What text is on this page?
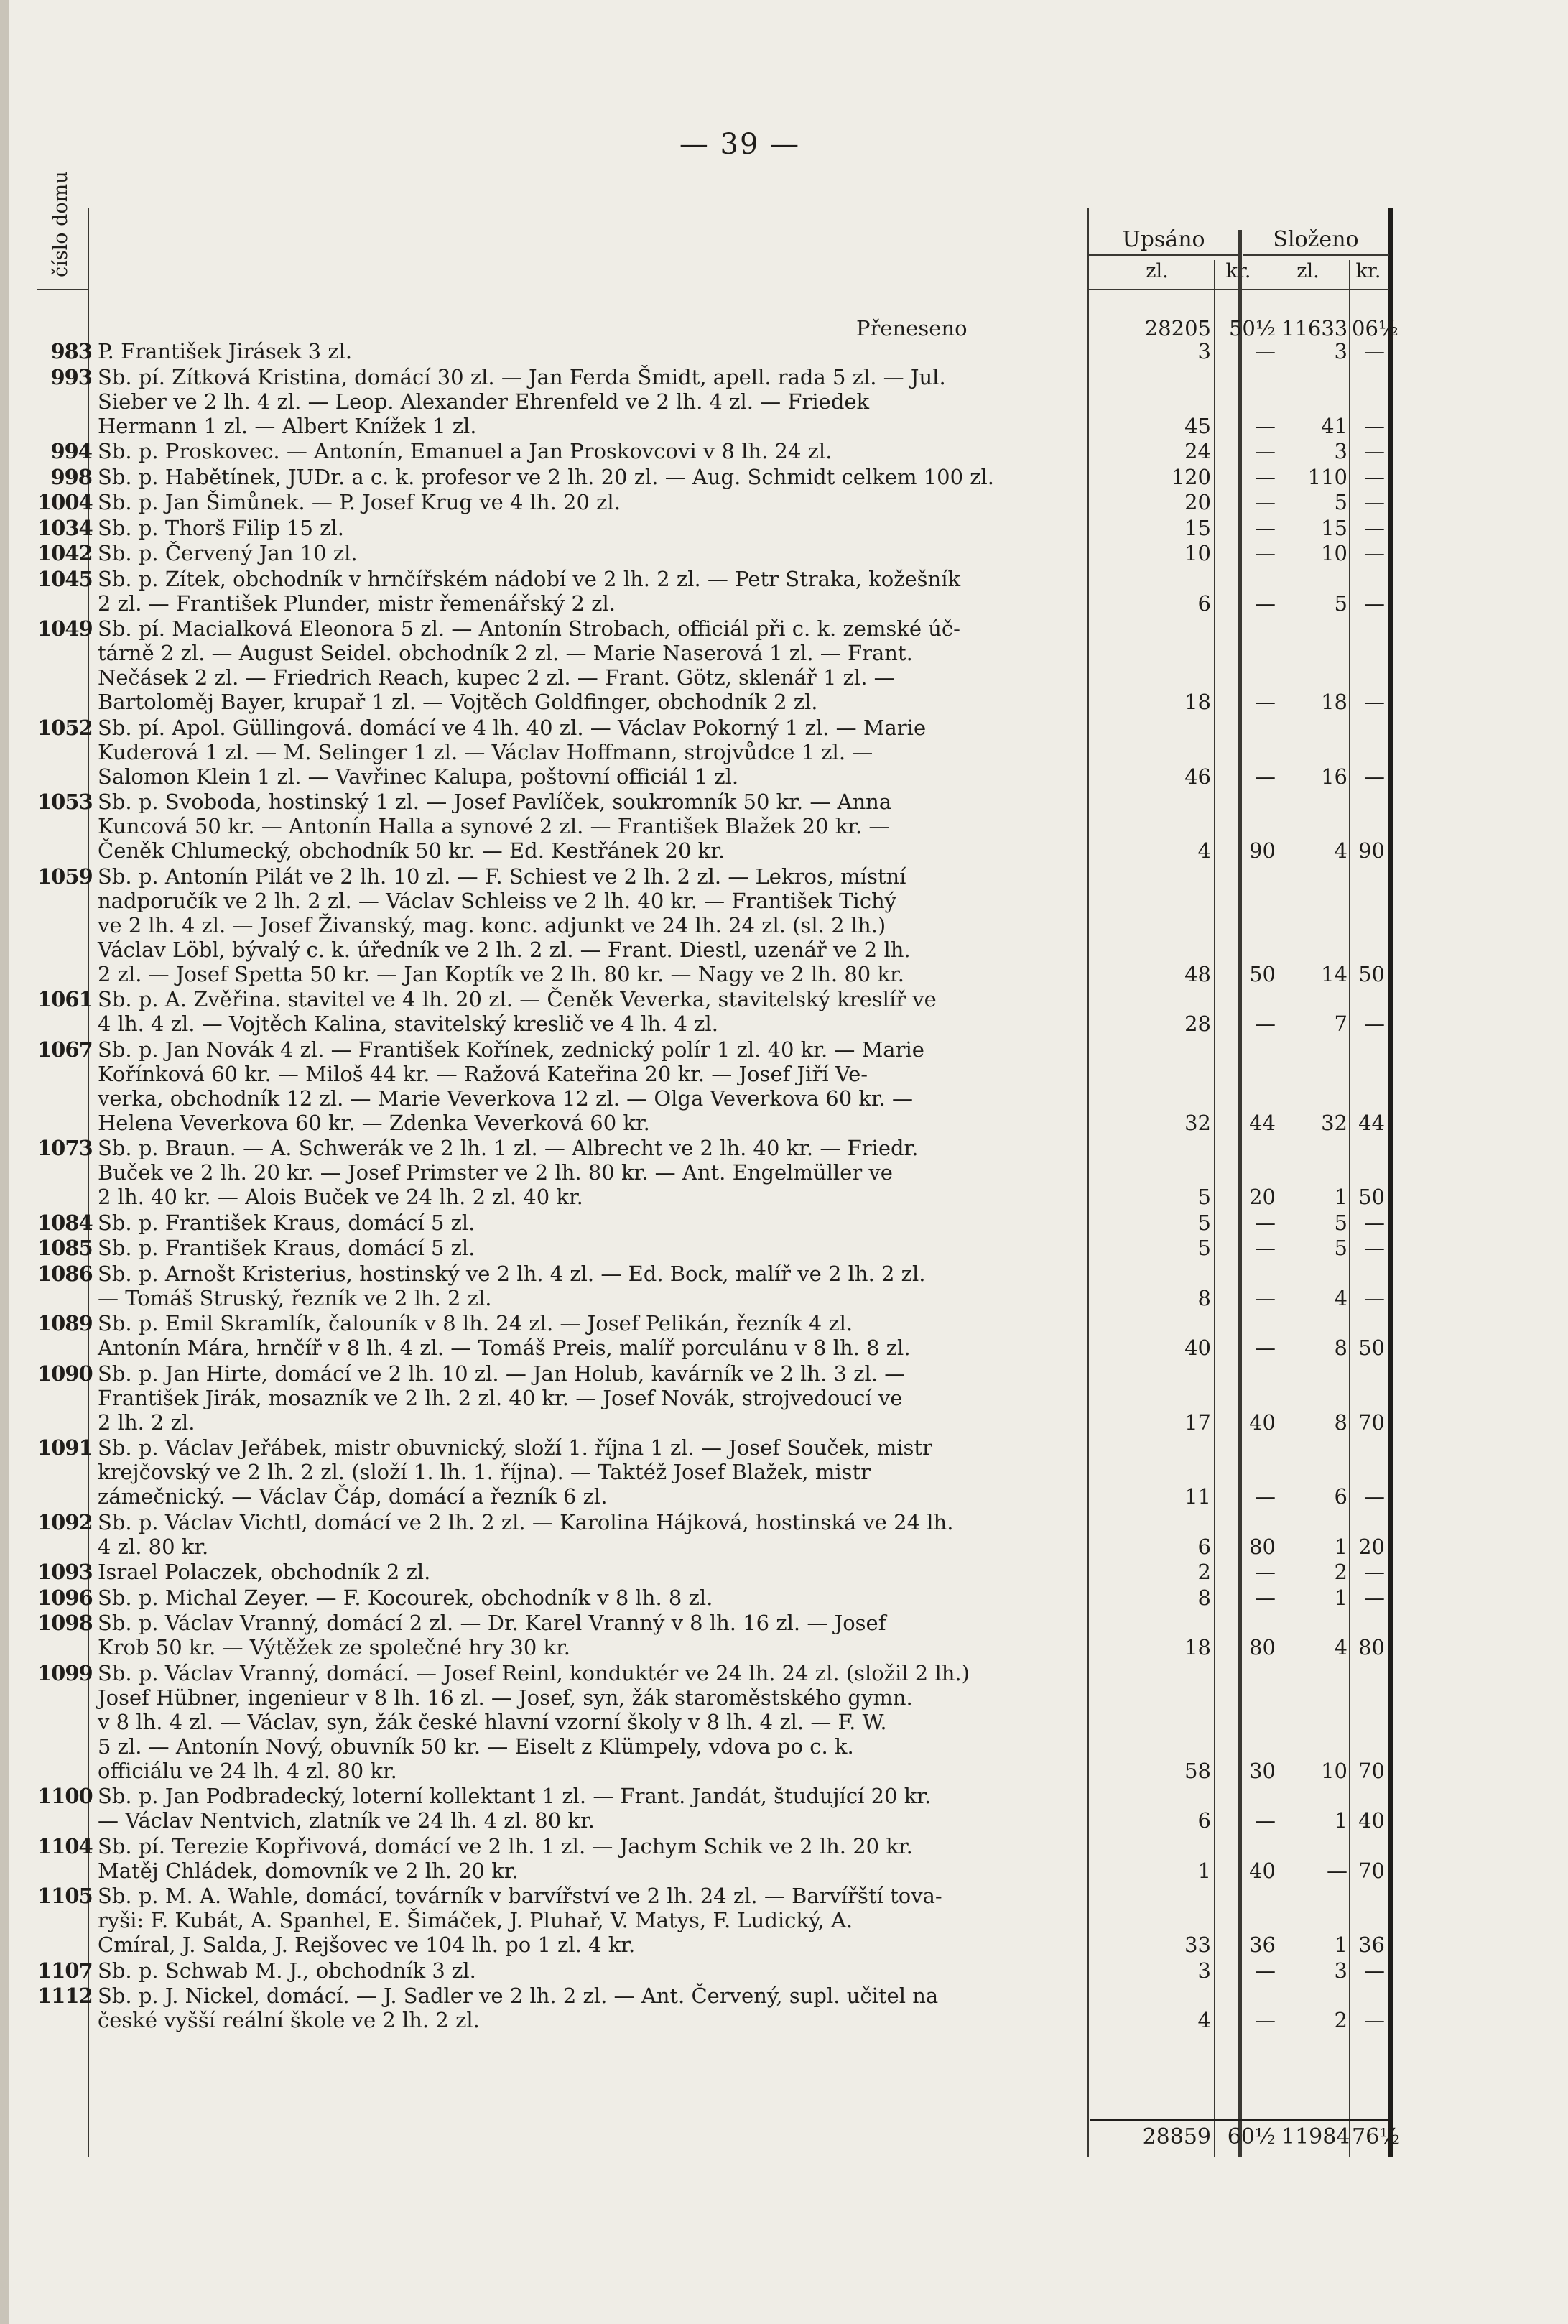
— 39 —
číslo domu	Upsáno	Složeno
zl.	kr.	zl.	kr.
Přeneseno	28205 50½ 11633 06½
983 P. František Jirásek 3 zl.	3	—	3 —
993 Sb. pí. Zítková Kristina, domácí 30 zl. — Jan Ferda Šmidt, apell. rada 5 zl. — Jul.
Sieber ve 2 lh. 4 zl. — Leop. Alexander Ehrenfeld ve 2 lh. 4 zl. — Friedek
Hermann 1 zl. — Albert Knížek 1 zl.	45	—	41 —
994 Sb. p. Proskovec. — Antonín, Emanuel a Jan Proskovcovi v 8 lh. 24 zl.	24	—	3 —
998 Sb. p. Habětínek, JUDr. a c. k. profesor ve 2 lh. 20 zl. — Aug. Schmidt celkem 100 zl.	120	—	110 —
1004 Sb. p. Jan Šimůnek. — P. Josef Krug ve 4 lh. 20 zl.	20	—	5 —
1034 Sb. p. Thorš Filip 15 zl.	15	—	15 —
1042 Sb. p. Červený Jan 10 zl.	10	—	10 —
1045 Sb. p. Zítek, obchodník v hrnčířském nádobí ve 2 lh. 2 zl. — Petr Straka, kožešník
2 zl. — František Plunder, mistr řemenářský 2 zl.	6	—	5 —
1049 Sb. pí. Macialková Eleonora 5 zl. — Antonín Strobach, officiál při c. k. zemské úč-
tárně 2 zl. — August Seidel. obchodník 2 zl. — Marie Naserová 1 zl. — Frant.
Nečásek 2 zl. — Friedrich Reach, kupec 2 zl. — Frant. Götz, sklenář 1 zl. —
Bartoloměj Bayer, krupař 1 zl. — Vojtěch Goldfinger, obchodník 2 zl.	18	—	18 —
1052 Sb. pí. Apol. Güllingová. domácí ve 4 lh. 40 zl. — Václav Pokorný 1 zl. — Marie
Kuderová 1 zl. — M. Selinger 1 zl. — Václav Hoffmann, strojvůdce 1 zl. —
Salomon Klein 1 zl. — Vavřinec Kalupa, poštovní officiál 1 zl.	46	—	16 —
1053 Sb. p. Svoboda, hostinský 1 zl. — Josef Pavlíček, soukromník 50 kr. — Anna
Kuncová 50 kr. — Antonín Halla a synové 2 zl. — František Blažek 20 kr. —
Čeněk Chlumecký, obchodník 50 kr. — Ed. Kestřánek 20 kr.	4	90	4 90
1059 Sb. p. Antonín Pilát ve 2 lh. 10 zl. — F. Schiest ve 2 lh. 2 zl. — Lekros, místní
nadporučík ve 2 lh. 2 zl. — Václav Schleiss ve 2 lh. 40 kr. — František Tichý
ve 2 lh. 4 zl. — Josef Živanský, mag. konc. adjunkt ve 24 lh. 24 zl. (sl. 2 lh.)
Václav Löbl, bývalý c. k. úředník ve 2 lh. 2 zl. — Frant. Diestl, uzenář ve 2 lh.
2 zl. — Josef Spetta 50 kr. — Jan Koptík ve 2 lh. 80 kr. — Nagy ve 2 lh. 80 kr.	48	50	14 50
1061 Sb. p. A. Zvěřina. stavitel ve 4 lh. 20 zl. — Čeněk Veverka, stavitelský kreslíř ve
4 lh. 4 zl. — Vojtěch Kalina, stavitelský kreslič ve 4 lh. 4 zl.	28	—	7 —
1067 Sb. p. Jan Novák 4 zl. — František Kořínek, zednický polír 1 zl. 40 kr. — Marie
Kořínková 60 kr. — Miloš 44 kr. — Ražová Kateřina 20 kr. — Josef Jiří Ve-
verka, obchodník 12 zl. — Marie Veverkova 12 zl. — Olga Veverkova 60 kr. —
Helena Veverkova 60 kr. — Zdenka Veverková 60 kr.	32	44	32 44
1073 Sb. p. Braun. — A. Schwerák ve 2 lh. 1 zl. — Albrecht ve 2 lh. 40 kr. — Friedr.
Buček ve 2 lh. 20 kr. — Josef Primster ve 2 lh. 80 kr. — Ant. Engelmüller ve
2 lh. 40 kr. — Alois Buček ve 24 lh. 2 zl. 40 kr.	5	20	1 50
1084 Sb. p. František Kraus, domácí 5 zl.	5	—	5 —
1085 Sb. p. František Kraus, domácí 5 zl.	5	—	5 —
1086 Sb. p. Arnošt Kristerius, hostinský ve 2 lh. 4 zl. — Ed. Bock, malíř ve 2 lh. 2 zl.
— Tomáš Struský, řezník ve 2 lh. 2 zl.	8	—	4 —
1089 Sb. p. Emil Skramlík, čalouník v 8 lh. 24 zl. — Josef Pelikán, řezník 4 zl.
Antonín Mára, hrnčíř v 8 lh. 4 zl. — Tomáš Preis, malíř porculánu v 8 lh. 8 zl.	40	—	8 50
1090 Sb. p. Jan Hirte, domácí ve 2 lh. 10 zl. — Jan Holub, kavárník ve 2 lh. 3 zl. —
František Jirák, mosazník ve 2 lh. 2 zl. 40 kr. — Josef Novák, strojvedoucí ve
2 lh. 2 zl.	17	40	8 70
1091 Sb. p. Václav Jeřábek, mistr obuvnický, složí 1. října 1 zl. — Josef Souček, mistr
krejčovský ve 2 lh. 2 zl. (složí 1. lh. 1. října). — Taktéž Josef Blažek, mistr
zámečnický. — Václav Čáp, domácí a řezník 6 zl.	11	—	6 —
1092 Sb. p. Václav Vichtl, domácí ve 2 lh. 2 zl. — Karolina Hájková, hostinská ve 24 lh.
4 zl. 80 kr.	6	80	1 20
1093 Israel Polaczek, obchodník 2 zl.	2	—	2 —
1096 Sb. p. Michal Zeyer. — F. Kocourek, obchodník v 8 lh. 8 zl.	8	—	1 —
1098 Sb. p. Václav Vranný, domácí 2 zl. — Dr. Karel Vranný v 8 lh. 16 zl. — Josef
Krob 50 kr. — Výtěžek ze společné hry 30 kr.	18	80	4 80
1099 Sb. p. Václav Vranný, domácí. — Josef Reinl, konduktér ve 24 lh. 24 zl. (složil 2 lh.)
Josef Hübner, ingenieur v 8 lh. 16 zl. — Josef, syn, žák staroměstského gymn.
v 8 lh. 4 zl. — Václav, syn, žák české hlavní vzorní školy v 8 lh. 4 zl. — F. W.
5 zl. — Antonín Nový, obuvník 50 kr. — Eiselt z Klümpely, vdova po c. k.
officiálu ve 24 lh. 4 zl. 80 kr.	58	30	10 70
1100 Sb. p. Jan Podbradecký, loterní kollektant 1 zl. — Frant. Jandát, študující 20 kr.
— Václav Nentvich, zlatník ve 24 lh. 4 zl. 80 kr.	6	—	1 40
1104 Sb. pí. Terezie Kopřivová, domácí ve 2 lh. 1 zl. — Jachym Schik ve 2 lh. 20 kr.
Matěj Chládek, domovník ve 2 lh. 20 kr.	1	40	— 70
1105 Sb. p. M. A. Wahle, domácí, továrník v barvířství ve 2 lh. 24 zl. — Barvířští tova-
ryši: F. Kubát, A. Spanhel, E. Šimáček, J. Pluhař, V. Matys, F. Ludický, A.
Cmíral, J. Salda, J. Rejšovec ve 104 lh. po 1 zl. 4 kr.	33	36	1 36
1107 Sb. p. Schwab M. J., obchodník 3 zl.	3	—	3 —
1112 Sb. p. J. Nickel, domácí. — J. Sadler ve 2 lh. 2 zl. — Ant. Červený, supl. učitel na
české vyšší reální škole ve 2 lh. 2 zl.	4	—	2 —
28859 60½ 11984 76½
